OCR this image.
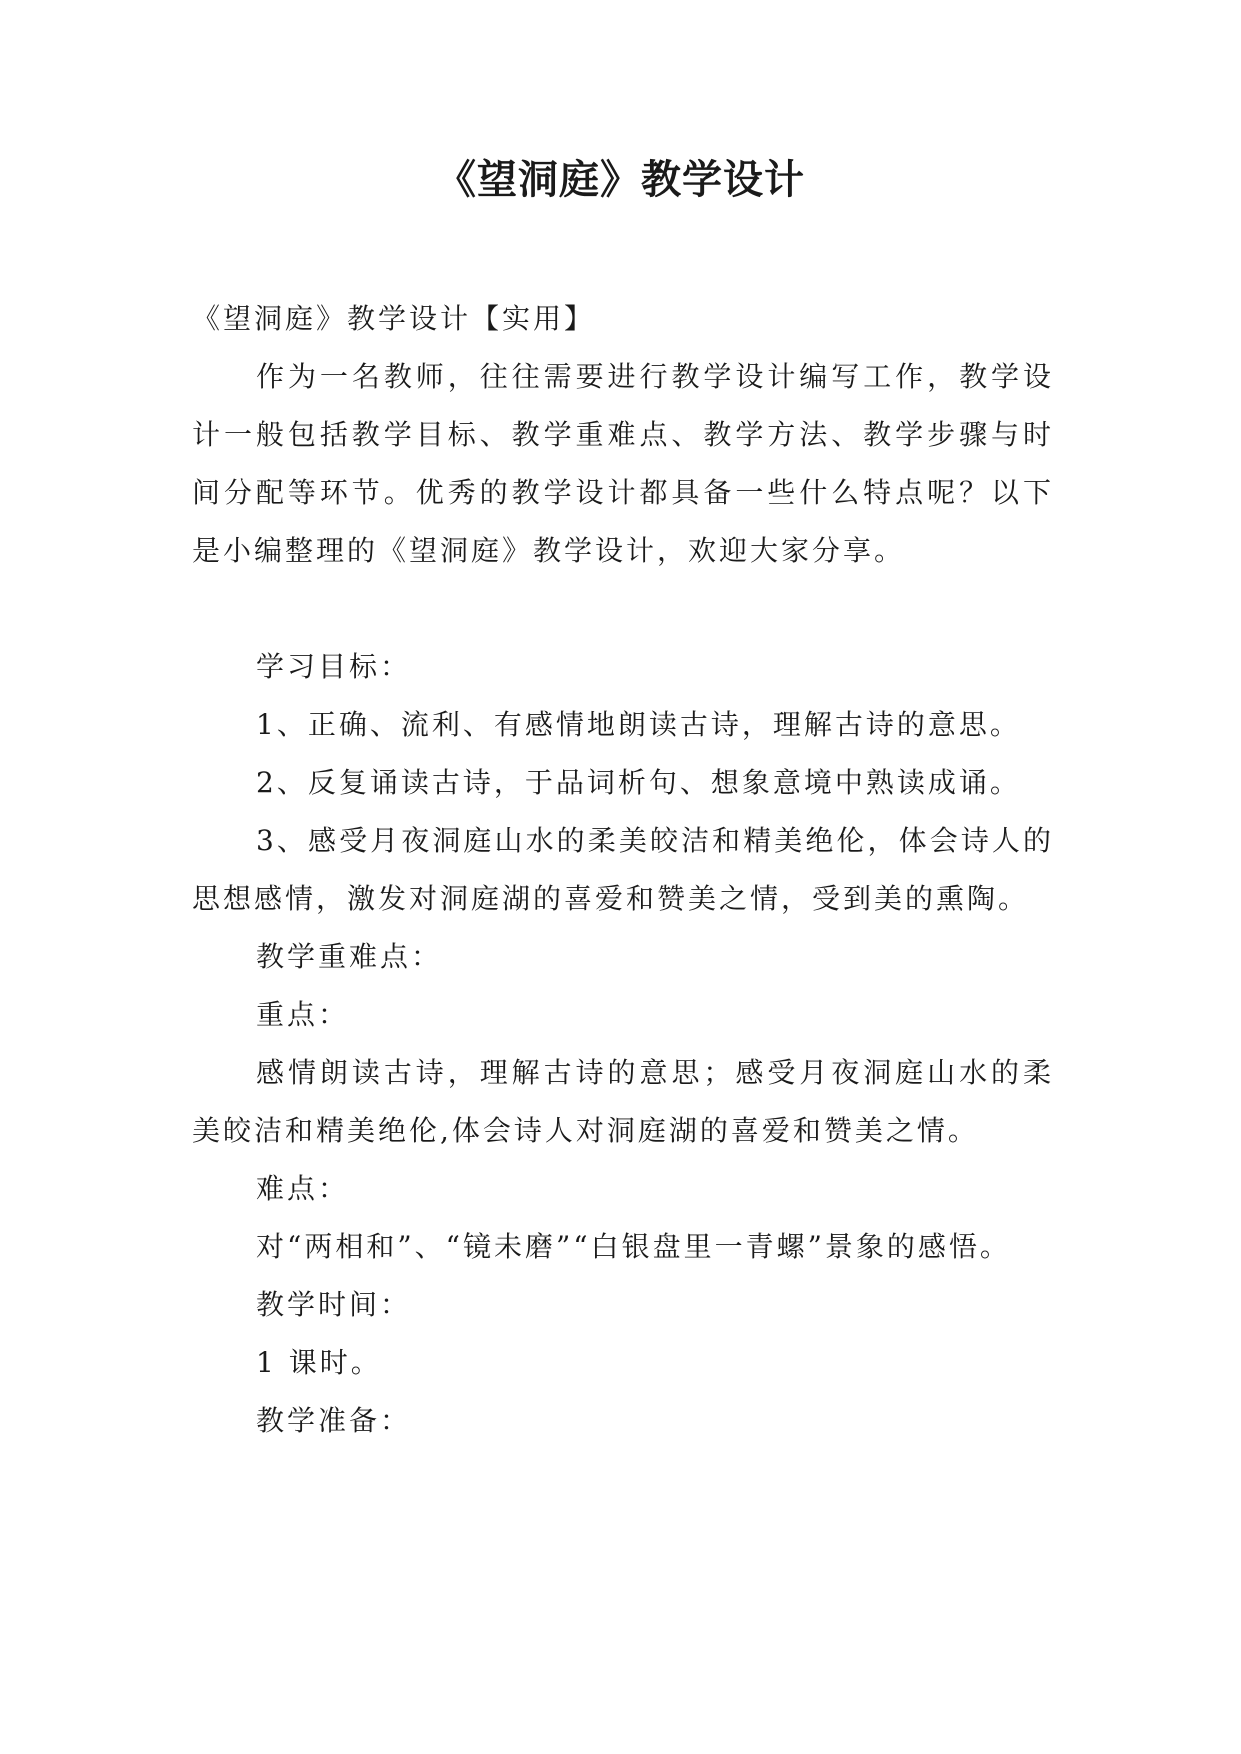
《望洞庭》教学设计

《望洞庭》教学设计【实用】

作为一名教师，往往需要进行教学设计编写工作，教学设计一般包括教学目标、教学重难点、教学方法、教学步骤与时间分配等环节。优秀的教学设计都具备一些什么特点呢？以下是小编整理的《望洞庭》教学设计，欢迎大家分享。

学习目标：

1、正确、流利、有感情地朗读古诗，理解古诗的意思。

2、反复诵读古诗，于品词析句、想象意境中熟读成诵。

3、感受月夜洞庭山水的柔美皎洁和精美绝伦，体会诗人的思想感情，激发对洞庭湖的喜爱和赞美之情，受到美的熏陶。

教学重难点：

重点：

感情朗读古诗，理解古诗的意思；感受月夜洞庭山水的柔美皎洁和精美绝伦,体会诗人对洞庭湖的喜爱和赞美之情。

难点：

对“两相和”、“镜未磨”“白银盘里一青螺”景象的感悟。

教学时间：

1 课时。

教学准备：
